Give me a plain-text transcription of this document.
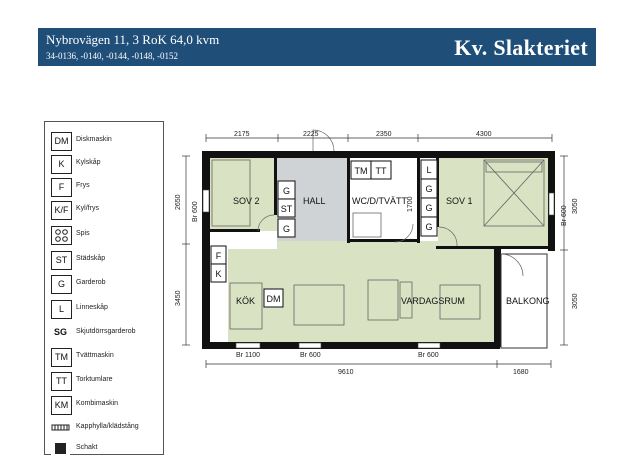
Nybrovägen 11, 3 RoK 64,0 kvm
34-0136, -0140, -0144, -0148, -0152	Kv. Slakteriet
DM	Diskmaskin
K	Kylskåp
F	Frys
K/F	Kyl/frys
Spis
ST	Städskåp
G	Garderob
L	Linneskåp
SG	Skjutdörrsgarderob
TM	Tvättmaskin
TT	Torktumlare
KM	Kombimaskin
Kapphylla/klädstång
Schakt
G
ST
G
TM TT	L
G
G
G
F
K
DM
SOV 2	HALL	WC/D/TVÄTT	SOV 1
KÖK	VARDAGSRUM	BALKONG
2175	2225	2350	4300
9610	1680
Br 1100	Br 600	Br 600
2650
3450
Br 600	3050
3050
Br 600
1700
